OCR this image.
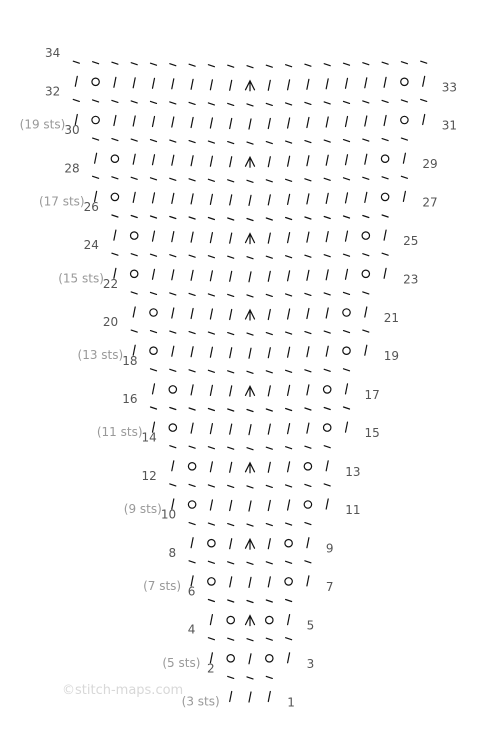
©stitch-maps.com
1
(3 sts)
2	3
(5 sts)
4	5
6	7
(7 sts)
8	9
10	11
(9 sts)
12	13
14	15
(11 sts)
16	17
18	19
(13 sts)
20	21
22	23
(15 sts)
24	25
26	27
(17 sts)
28	29
30	31
(19 sts)
32	33
34
